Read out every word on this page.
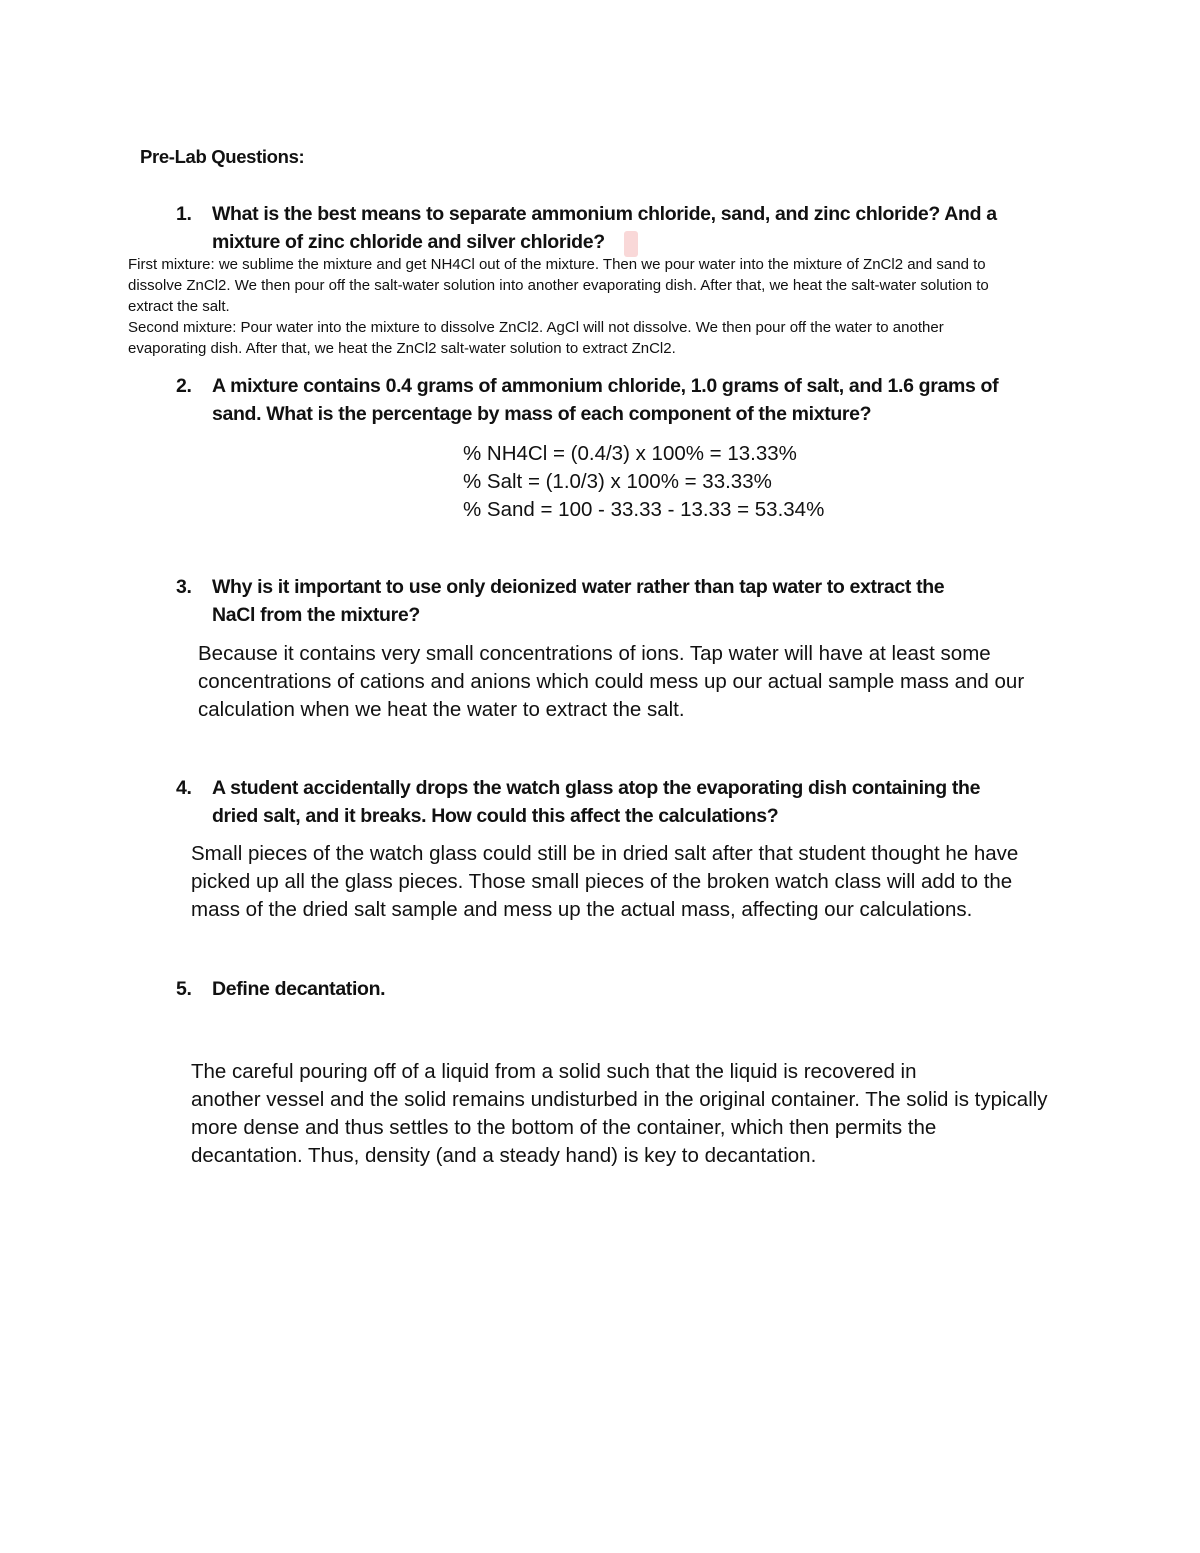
Pre-Lab Questions:
1. What is the best means to separate ammonium chloride, sand, and zinc chloride? And a
mixture of zinc chloride and silver chloride?
First mixture: we sublime the mixture and get NH4Cl out of the mixture. Then we pour water into the mixture of ZnCl2 and sand to
dissolve ZnCl2. We then pour off the salt-water solution into another evaporating dish. After that, we heat the salt-water solution to
extract the salt.
Second mixture: Pour water into the mixture to dissolve ZnCl2. AgCl will not dissolve. We then pour off the water to another
evaporating dish. After that, we heat the ZnCl2 salt-water solution to extract ZnCl2.
2. A mixture contains 0.4 grams of ammonium chloride, 1.0 grams of salt, and 1.6 grams of
sand. What is the percentage by mass of each component of the mixture?
% NH4Cl = (0.4/3) x 100% = 13.33%
% Salt = (1.0/3) x 100% = 33.33%
% Sand = 100 - 33.33 - 13.33 = 53.34%
3. Why is it important to use only deionized water rather than tap water to extract the
NaCl from the mixture?
Because it contains very small concentrations of ions. Tap water will have at least some
concentrations of cations and anions which could mess up our actual sample mass and our
calculation when we heat the water to extract the salt.
4. A student accidentally drops the watch glass atop the evaporating dish containing the
dried salt, and it breaks. How could this affect the calculations?
Small pieces of the watch glass could still be in dried salt after that student thought he have
picked up all the glass pieces. Those small pieces of the broken watch class will add to the
mass of the dried salt sample and mess up the actual mass, affecting our calculations.
5. Define decantation.
The careful pouring off of a liquid from a solid such that the liquid is recovered in
another vessel and the solid remains undisturbed in the original container. The solid is typically
more dense and thus settles to the bottom of the container, which then permits the
decantation. Thus, density (and a steady hand) is key to decantation.
